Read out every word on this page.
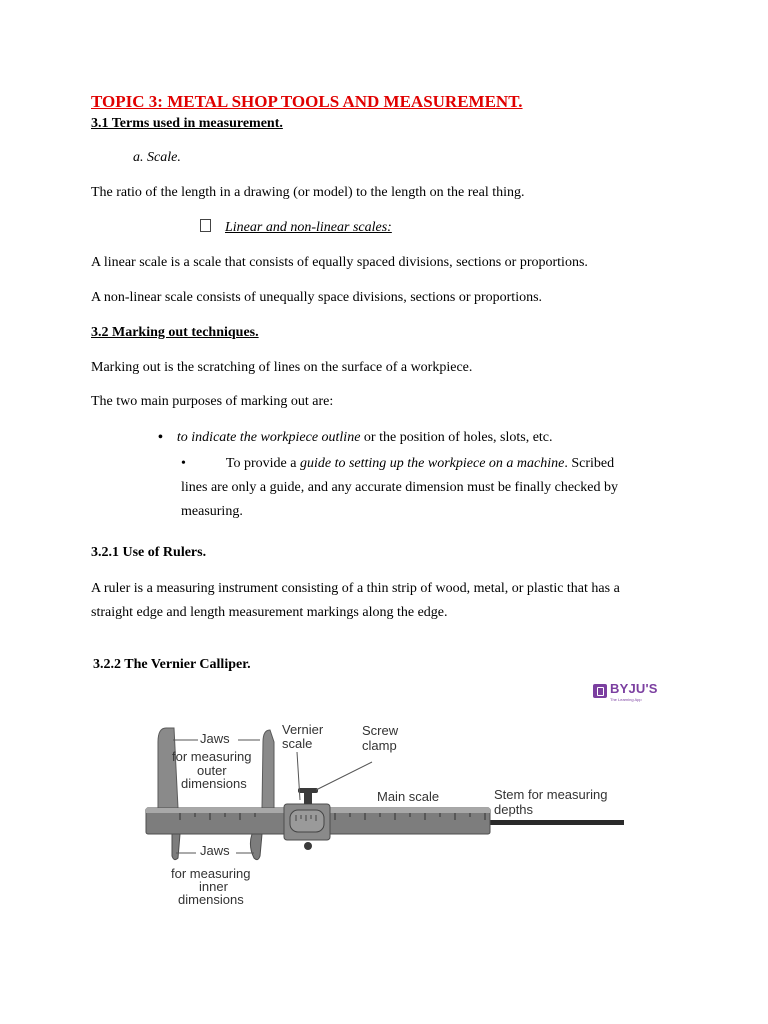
TOPIC 3: METAL SHOP TOOLS AND MEASUREMENT.
3.1 Terms used in measurement.
a. Scale.
The ratio of the length in a drawing (or model) to the length on the real thing.
Linear and non-linear scales:
A linear scale is a scale that consists of equally spaced divisions, sections or proportions.
A non-linear scale consists of unequally space divisions, sections or proportions.
3.2 Marking out techniques.
Marking out is the scratching of lines on the surface of a workpiece.
The two main purposes of marking out are:
• to indicate the workpiece outline or the position of holes, slots, etc.
•	To provide a guide to setting up the workpiece on a machine. Scribed
lines are only a guide, and any accurate dimension must be finally checked by
measuring.
3.2.1 Use of Rulers.
A ruler is a measuring instrument consisting of a thin strip of wood, metal, or plastic that has a
straight edge and length measurement markings along the edge.
3.2.2 The Vernier Calliper.
BYJU'S
The Learning App
Jaws
for measuring
outer
dimensions
Vernier
scale
Screw
clamp
Main scale	Stem for measuring
depths
Jaws
for measuring
inner
dimensions
